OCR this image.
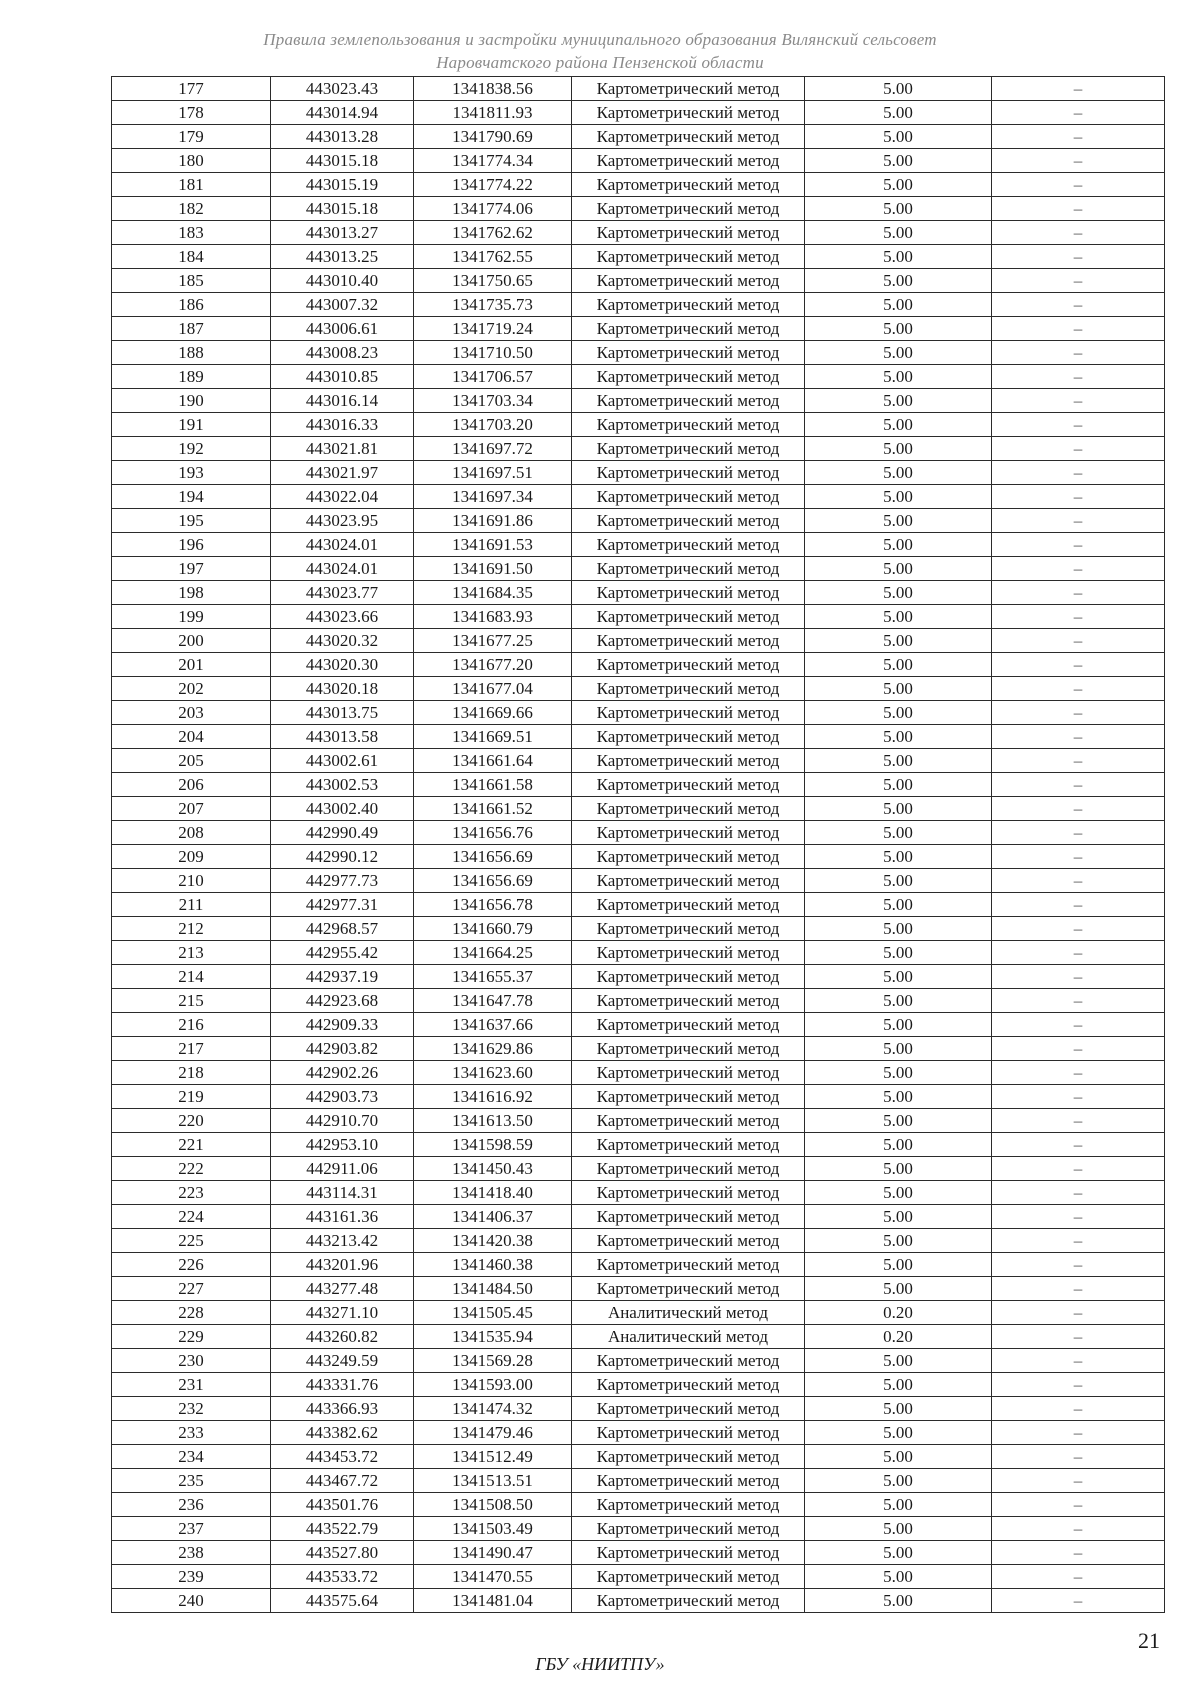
Правила землепользования и застройки муниципального образования Вилянский сельсовет
Наровчатского района Пензенской области
177	443023.43	1341838.56	Картометрический метод	5.00	–
178	443014.94	1341811.93	Картометрический метод	5.00	–
179	443013.28	1341790.69	Картометрический метод	5.00	–
180	443015.18	1341774.34	Картометрический метод	5.00	–
181	443015.19	1341774.22	Картометрический метод	5.00	–
182	443015.18	1341774.06	Картометрический метод	5.00	–
183	443013.27	1341762.62	Картометрический метод	5.00	–
184	443013.25	1341762.55	Картометрический метод	5.00	–
185	443010.40	1341750.65	Картометрический метод	5.00	–
186	443007.32	1341735.73	Картометрический метод	5.00	–
187	443006.61	1341719.24	Картометрический метод	5.00	–
188	443008.23	1341710.50	Картометрический метод	5.00	–
189	443010.85	1341706.57	Картометрический метод	5.00	–
190	443016.14	1341703.34	Картометрический метод	5.00	–
191	443016.33	1341703.20	Картометрический метод	5.00	–
192	443021.81	1341697.72	Картометрический метод	5.00	–
193	443021.97	1341697.51	Картометрический метод	5.00	–
194	443022.04	1341697.34	Картометрический метод	5.00	–
195	443023.95	1341691.86	Картометрический метод	5.00	–
196	443024.01	1341691.53	Картометрический метод	5.00	–
197	443024.01	1341691.50	Картометрический метод	5.00	–
198	443023.77	1341684.35	Картометрический метод	5.00	–
199	443023.66	1341683.93	Картометрический метод	5.00	–
200	443020.32	1341677.25	Картометрический метод	5.00	–
201	443020.30	1341677.20	Картометрический метод	5.00	–
202	443020.18	1341677.04	Картометрический метод	5.00	–
203	443013.75	1341669.66	Картометрический метод	5.00	–
204	443013.58	1341669.51	Картометрический метод	5.00	–
205	443002.61	1341661.64	Картометрический метод	5.00	–
206	443002.53	1341661.58	Картометрический метод	5.00	–
207	443002.40	1341661.52	Картометрический метод	5.00	–
208	442990.49	1341656.76	Картометрический метод	5.00	–
209	442990.12	1341656.69	Картометрический метод	5.00	–
210	442977.73	1341656.69	Картометрический метод	5.00	–
211	442977.31	1341656.78	Картометрический метод	5.00	–
212	442968.57	1341660.79	Картометрический метод	5.00	–
213	442955.42	1341664.25	Картометрический метод	5.00	–
214	442937.19	1341655.37	Картометрический метод	5.00	–
215	442923.68	1341647.78	Картометрический метод	5.00	–
216	442909.33	1341637.66	Картометрический метод	5.00	–
217	442903.82	1341629.86	Картометрический метод	5.00	–
218	442902.26	1341623.60	Картометрический метод	5.00	–
219	442903.73	1341616.92	Картометрический метод	5.00	–
220	442910.70	1341613.50	Картометрический метод	5.00	–
221	442953.10	1341598.59	Картометрический метод	5.00	–
222	442911.06	1341450.43	Картометрический метод	5.00	–
223	443114.31	1341418.40	Картометрический метод	5.00	–
224	443161.36	1341406.37	Картометрический метод	5.00	–
225	443213.42	1341420.38	Картометрический метод	5.00	–
226	443201.96	1341460.38	Картометрический метод	5.00	–
227	443277.48	1341484.50	Картометрический метод	5.00	–
228	443271.10	1341505.45	Аналитический метод	0.20	–
229	443260.82	1341535.94	Аналитический метод	0.20	–
230	443249.59	1341569.28	Картометрический метод	5.00	–
231	443331.76	1341593.00	Картометрический метод	5.00	–
232	443366.93	1341474.32	Картометрический метод	5.00	–
233	443382.62	1341479.46	Картометрический метод	5.00	–
234	443453.72	1341512.49	Картометрический метод	5.00	–
235	443467.72	1341513.51	Картометрический метод	5.00	–
236	443501.76	1341508.50	Картометрический метод	5.00	–
237	443522.79	1341503.49	Картометрический метод	5.00	–
238	443527.80	1341490.47	Картометрический метод	5.00	–
239	443533.72	1341470.55	Картометрический метод	5.00	–
240	443575.64	1341481.04	Картометрический метод	5.00	–
21
ГБУ «НИИТПУ»
